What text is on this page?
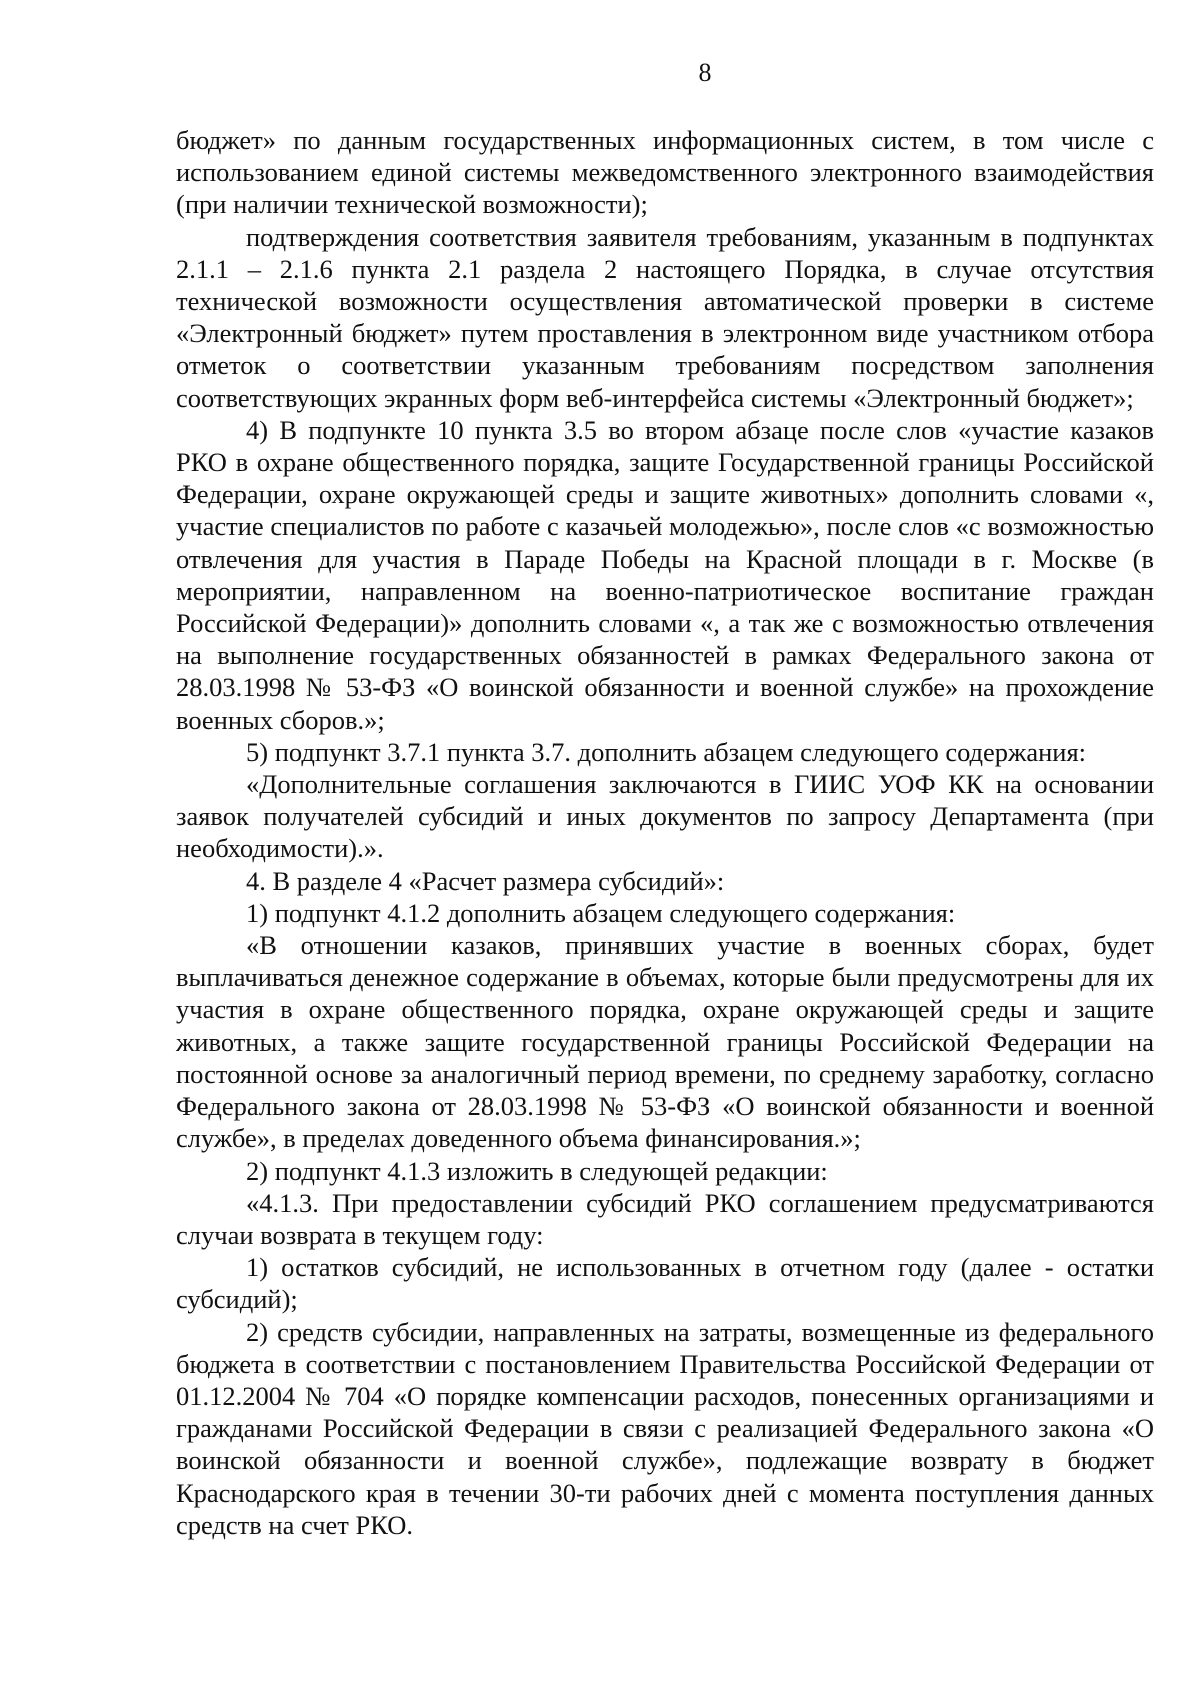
8

бюджет» по данным государственных информационных систем, в том числе с использованием единой системы межведомственного электронного взаимодействия (при наличии технической возможности);

подтверждения соответствия заявителя требованиям, указанным в подпунктах 2.1.1 – 2.1.6 пункта 2.1 раздела 2 настоящего Порядка, в случае отсутствия технической возможности осуществления автоматической проверки в системе «Электронный бюджет» путем проставления в электронном виде участником отбора отметок о соответствии указанным требованиям посредством заполнения соответствующих экранных форм веб-интерфейса системы «Электронный бюджет»;

4) В подпункте 10 пункта 3.5 во втором абзаце после слов «участие казаков РКО в охране общественного порядка, защите Государственной границы Российской Федерации, охране окружающей среды и защите животных» дополнить словами «, участие специалистов по работе с казачьей молодежью», после слов «с возможностью отвлечения для участия в Параде Победы на Красной площади в г. Москве (в мероприятии, направленном на военно-патриотическое воспитание граждан Российской Федерации)» дополнить словами «, а так же с возможностью отвлечения на выполнение государственных обязанностей в рамках Федерального закона от 28.03.1998 № 53-ФЗ «О воинской обязанности и военной службе» на прохождение военных сборов.»;

5) подпункт 3.7.1 пункта 3.7. дополнить абзацем следующего содержания:

«Дополнительные соглашения заключаются в ГИИС УОФ КК на основании заявок получателей субсидий и иных документов по запросу Департамента (при необходимости).».

4. В разделе 4 «Расчет размера субсидий»:

1) подпункт 4.1.2 дополнить абзацем следующего содержания:

«В отношении казаков, принявших участие в военных сборах, будет выплачиваться денежное содержание в объемах, которые были предусмотрены для их участия в охране общественного порядка, охране окружающей среды и защите животных, а также защите государственной границы Российской Федерации на постоянной основе за аналогичный период времени, по среднему заработку, согласно Федерального закона от 28.03.1998 № 53-ФЗ «О воинской обязанности и военной службе», в пределах доведенного объема финансирования.»;

2) подпункт 4.1.3 изложить в следующей редакции:

«4.1.3. При предоставлении субсидий РКО соглашением предусматриваются случаи возврата в текущем году:

1) остатков субсидий, не использованных в отчетном году (далее - остатки субсидий);

2) средств субсидии, направленных на затраты, возмещенные из федерального бюджета в соответствии с постановлением Правительства Российской Федерации от 01.12.2004 № 704 «О порядке компенсации расходов, понесенных организациями и гражданами Российской Федерации в связи с реализацией Федерального закона «О воинской обязанности и военной службе», подлежащие возврату в бюджет Краснодарского края в течении 30-ти рабочих дней с момента поступления данных средств на счет РКО.
